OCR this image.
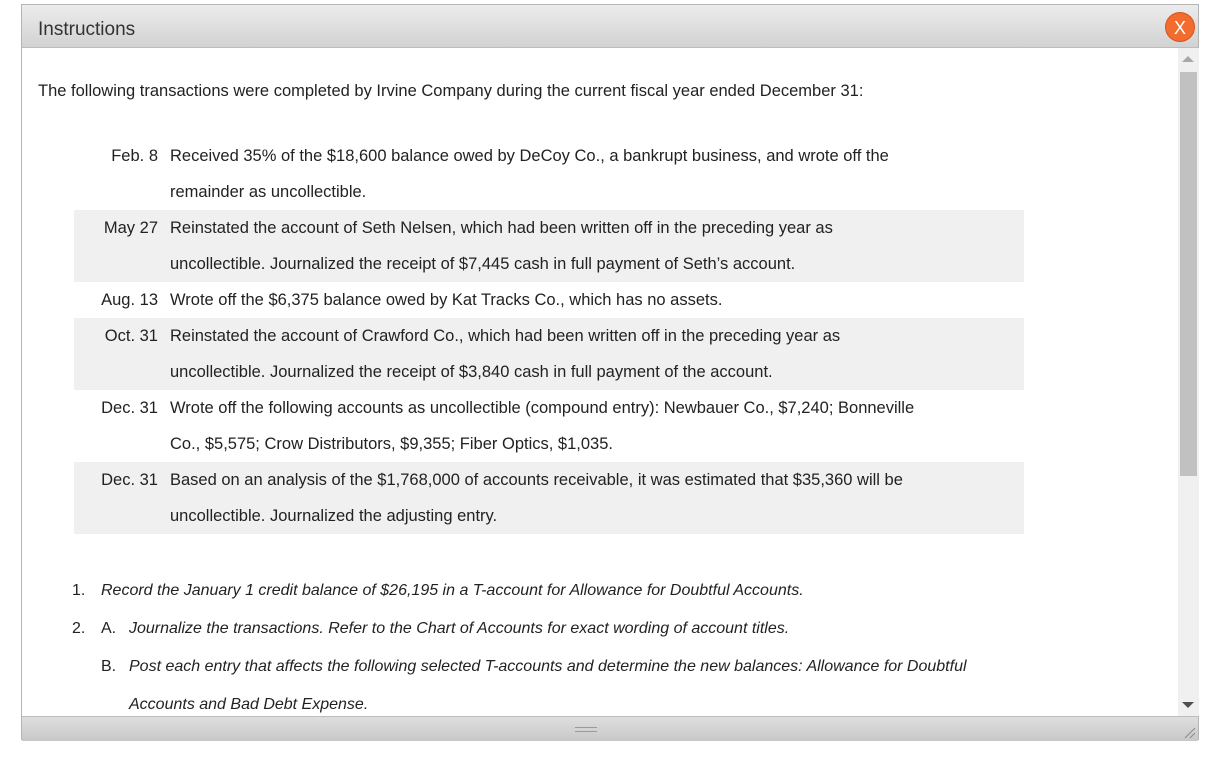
Instructions	X
The following transactions were completed by Irvine Company during the current fiscal year ended December 31:
Feb. 8 Received 35% of the $18,600 balance owed by DeCoy Co., a bankrupt business, and wrote off the
remainder as uncollectible.
May 27 Reinstated the account of Seth Nelsen, which had been written off in the preceding year as
uncollectible. Journalized the receipt of $7,445 cash in full payment of Seth’s account.
Aug. 13 Wrote off the $6,375 balance owed by Kat Tracks Co., which has no assets.
Oct. 31 Reinstated the account of Crawford Co., which had been written off in the preceding year as
uncollectible. Journalized the receipt of $3,840 cash in full payment of the account.
Dec. 31 Wrote off the following accounts as uncollectible (compound entry): Newbauer Co., $7,240; Bonneville
Co., $5,575; Crow Distributors, $9,355; Fiber Optics, $1,035.
Dec. 31 Based on an analysis of the $1,768,000 of accounts receivable, it was estimated that $35,360 will be
uncollectible. Journalized the adjusting entry.
1. Record the January 1 credit balance of $26,195 in a T-account for Allowance for Doubtful Accounts.
2. A. Journalize the transactions. Refer to the Chart of Accounts for exact wording of account titles.
B. Post each entry that affects the following selected T-accounts and determine the new balances: Allowance for Doubtful
Accounts and Bad Debt Expense.
